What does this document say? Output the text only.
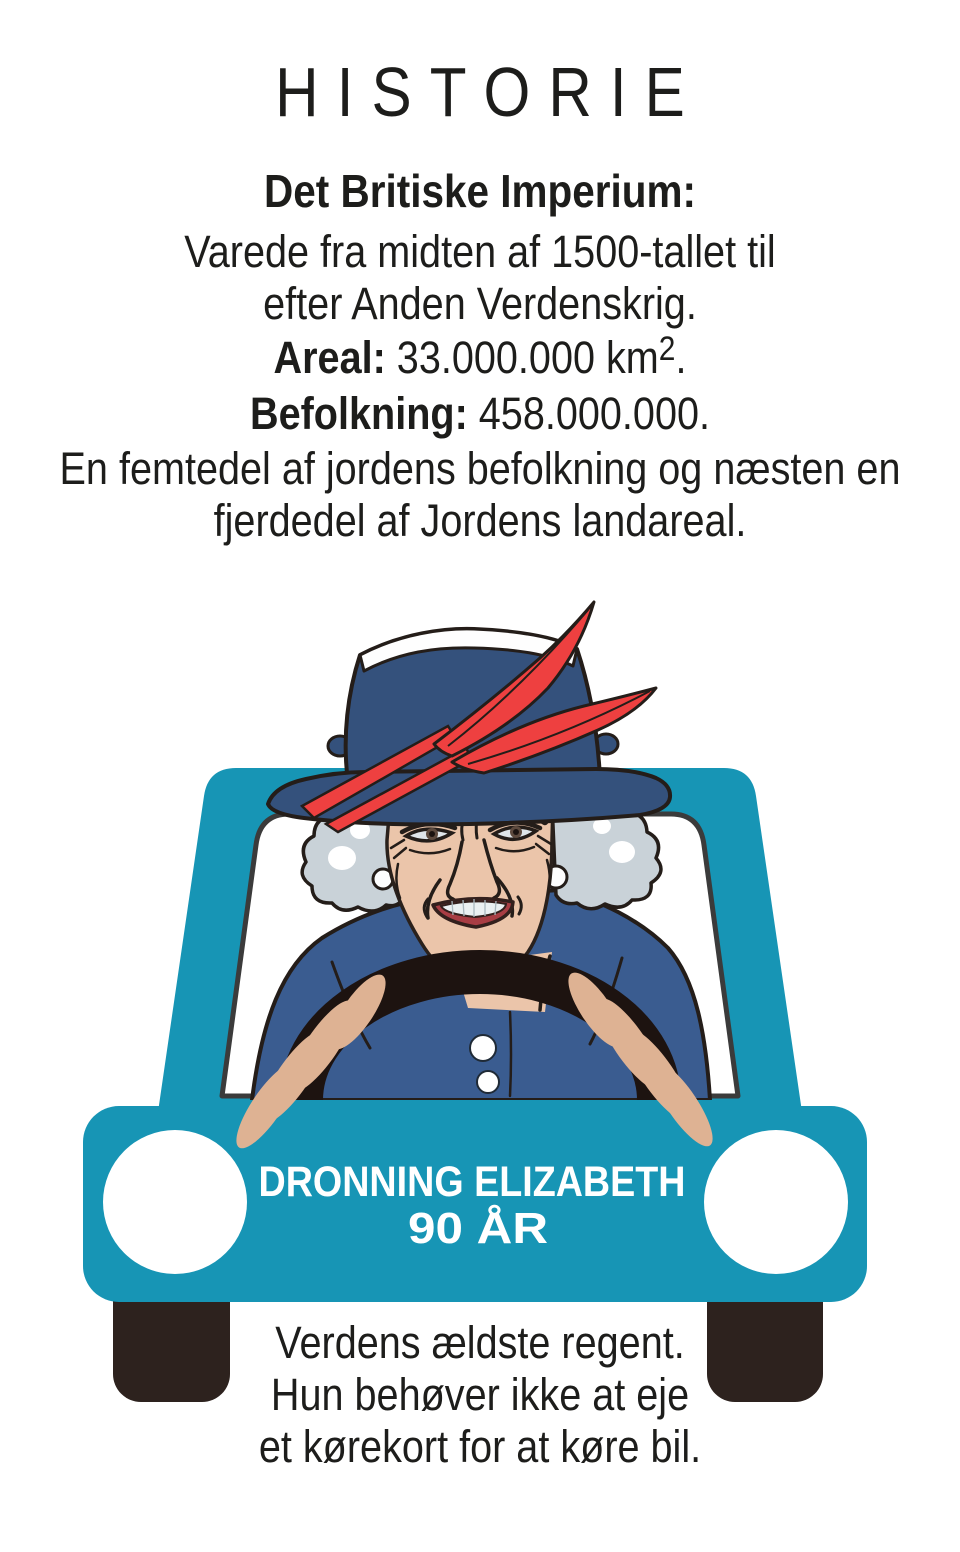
HISTORIE
Det Britiske Imperium:
Varede fra midten af 1500-tallet til
efter Anden Verdenskrig.
Areal: 33.000.000 $km^2$.
Befolkning: 458.000.000.
En femtedel af jordens befolkning og næsten en
fjerdedel af Jordens landareal.
DRONNING ELIZABETH
90 ÅR
Verdens ældste regent.
Hun behøver ikke at eje
et kørekort for at køre bil.
